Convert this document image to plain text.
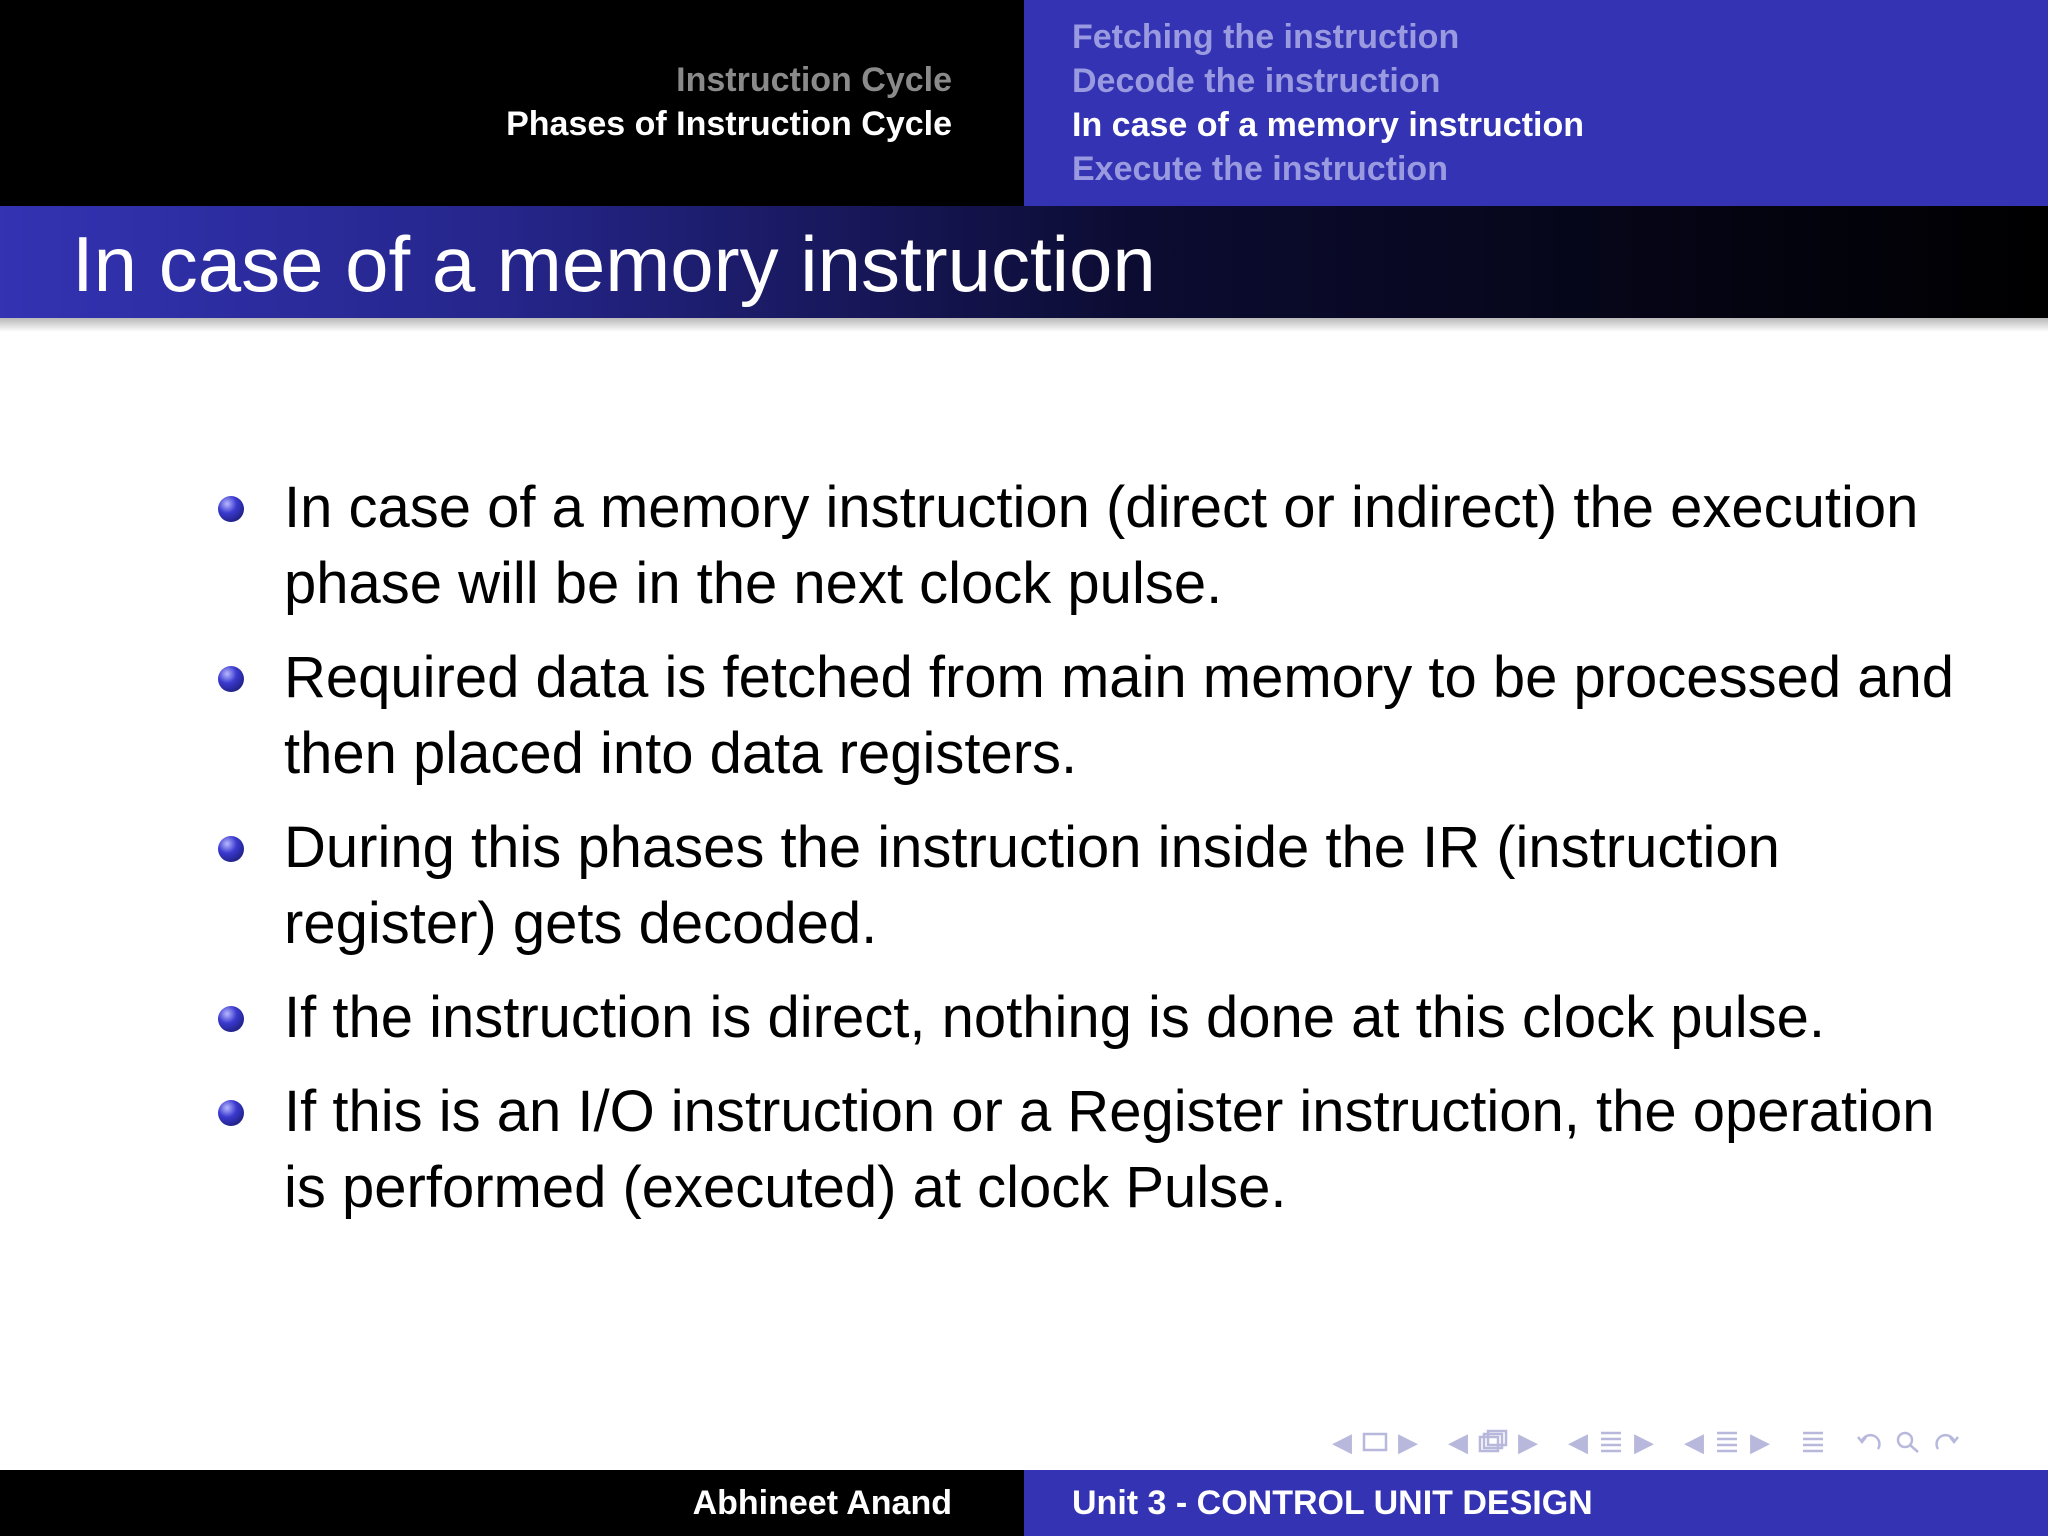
Instruction Cycle
Phases of Instruction Cycle
Fetching the instruction
Decode the instruction
In case of a memory instruction
Execute the instruction
In case of a memory instruction
In case of a memory instruction (direct or indirect) the execution phase will be in the next clock pulse.
Required data is fetched from main memory to be processed and then placed into data registers.
During this phases the instruction inside the IR (instruction register) gets decoded.
If the instruction is direct, nothing is done at this clock pulse.
If this is an I/O instruction or a Register instruction, the operation is performed (executed) at clock Pulse.
◀ ▶ ◀ ▶ ◀ ▶ ◀ ▶
Abhineet Anand	Unit 3 - CONTROL UNIT DESIGN
